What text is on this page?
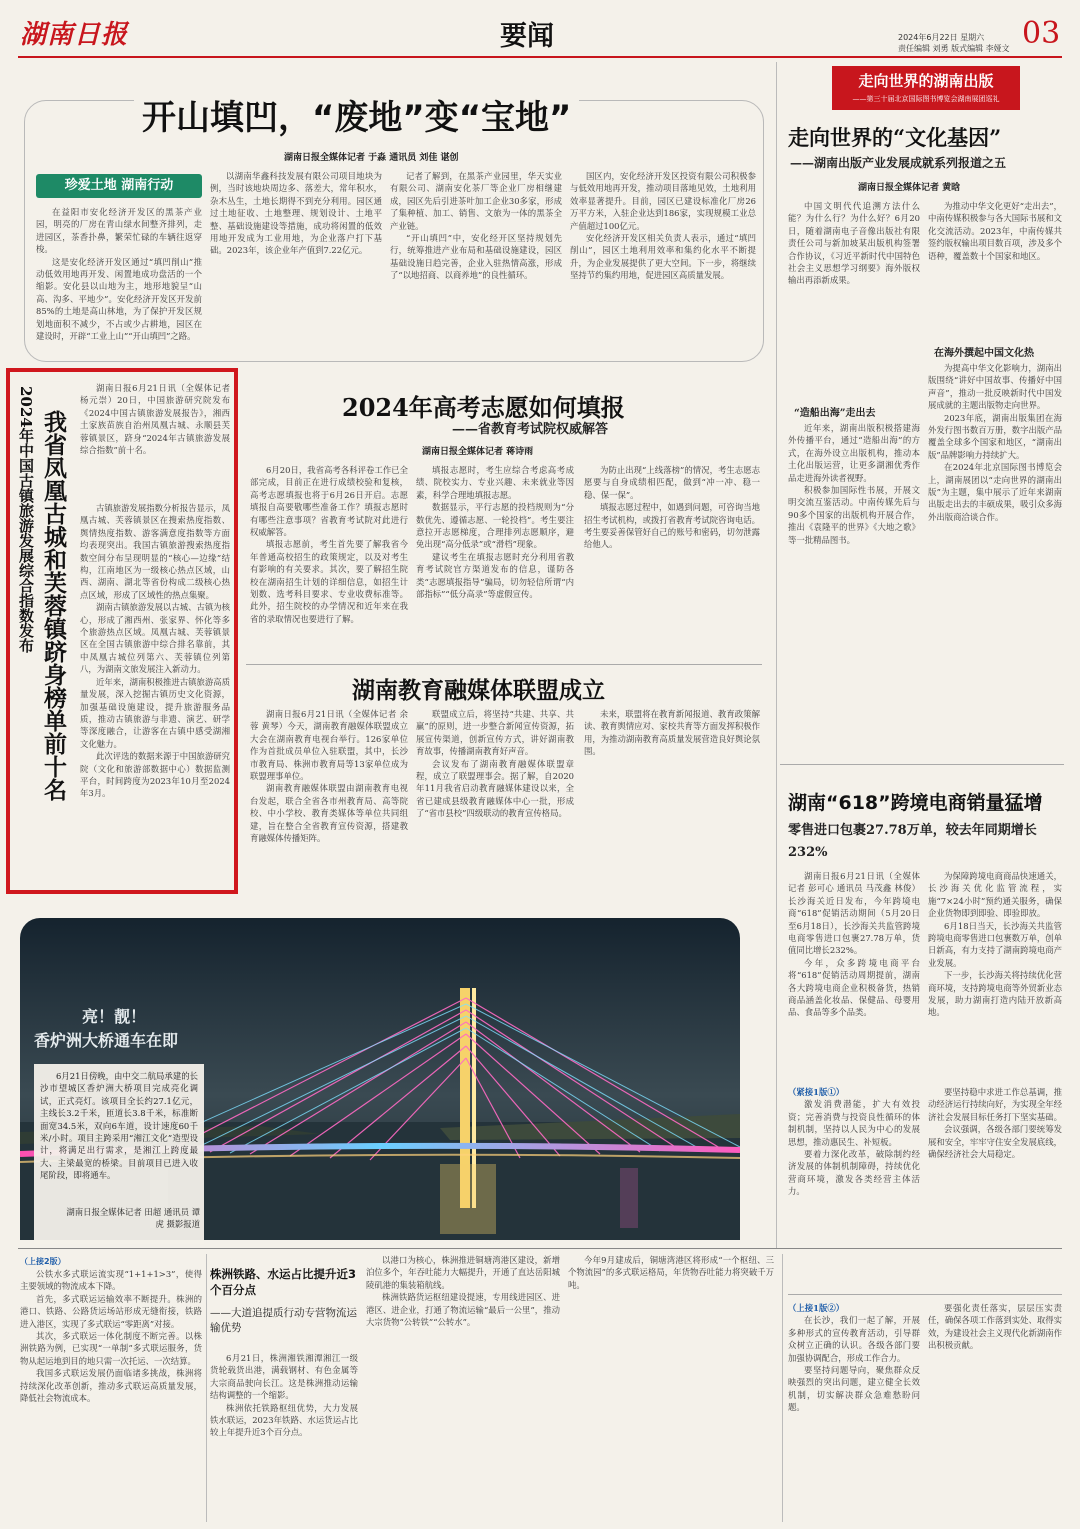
湖南日报	要闻	2024年6月22日 星期六
责任编辑 刘勇 版式编辑 李娅文 03
开山填凹，“废地”变“宝地”
湖南日报全媒体记者 于淼 通讯员 刘佳 谌创
珍爱土地 湖南行动
在益阳市安化经济开发区的黑茶产业园，明亮的厂房在青山绿水间整齐排列，走进园区，茶香扑鼻，繁荣忙碌的车辆往返穿梭。
这是安化经济开发区通过“填凹削山”推动低效用地再开发、闲置地成功盘活的一个缩影。安化县以山地为主，地形地貌呈“山高、沟多、平地少”。安化经济开发区开发前85%的土地是高山林地，为了保护开发区规划地面积不减少，不占或少占耕地，园区在建设时，开辟“工业上山”“开山填凹”之路。
以湖南华鑫科技发展有限公司项目地块为例，当时该地块周边多、落差大，常年积水，杂木丛生，土地长期得不到充分利用。园区通过土地征收、土地整理、规划设计、土地平整、基础设施建设等措施，成功将闲置的低效用地开发成为工业用地，为企业落户打下基础。2023年，该企业年产值到7.22亿元。
记者了解到，在黑茶产业园里，华天实业有限公司、湖南安化茶厂等企业厂房相继建成，园区先后引进茶叶加工企业30多家，形成了集种植、加工、销售、文旅为一体的黑茶全产业链。
“开山填凹”中，安化经开区坚持规划先行，统筹推进产业布局和基础设施建设，园区基础设施日趋完善，企业入驻热情高涨，形成了“以地招商、以商养地”的良性循环。
国区内，安化经济开发区投资有限公司积极参与低效用地再开发，推动项目落地见效，土地利用效率显著提升。目前，园区已建设标准化厂房26万平方米，入驻企业达到186家，实现规模工业总产值超过100亿元。
安化经济开发区相关负责人表示，通过“填凹削山”，园区土地利用效率和集约化水平不断提升，为企业发展提供了更大空间。下一步，将继续坚持节约集约用地，促进园区高质量发展。
我省凤凰古城和芙蓉镇跻身榜单前十名
2024年中国古镇旅游发展综合指数发布	湖南日报6月21日讯（全媒体记者 杨元崇）20日，中国旅游研究院发布《2024中国古镇旅游发展报告》，湘西土家族苗族自治州凤凰古城、永顺县芙蓉镇景区，跻身“2024年古镇旅游发展综合指数”前十名。
古镇旅游发展指数分析报告显示，凤凰古城、芙蓉镇景区在搜索热度指数、舆情热度指数、游客满意度指数等方面均表现突出。我国古镇旅游搜索热度指数空间分布呈现明显的“核心—边缘”结构，江南地区为一级核心热点区域，山西、湖南、湖北等省份构成二级核心热点区域，形成了区域性的热点集聚。
湖南古镇旅游发展以古城、古镇为核心，形成了湘西州、张家界、怀化等多个旅游热点区域。凤凰古城、芙蓉镇景区在全国古镇旅游中综合排名靠前，其中凤凰古城位列第六、芙蓉镇位列第八，为湖南文旅发展注入新动力。
近年来，湖南积极推进古镇旅游高质量发展，深入挖掘古镇历史文化资源，加强基础设施建设，提升旅游服务品质，推动古镇旅游与非遗、演艺、研学等深度融合，让游客在古镇中感受湖湘文化魅力。
此次评选的数据来源于中国旅游研究院（文化和旅游部数据中心）数据监测平台，时间跨度为2023年10月至2024年3月。
2024年高考志愿如何填报
——省教育考试院权威解答
湖南日报全媒体记者 蒋诗雨
6月20日，我省高考各科评卷工作已全部完成，目前正在进行成绩校验和复核，高考志愿填报也将于6月26日开启。志愿填报自高要敬哪些准备工作？填报志愿时有哪些注意事项？省教育考试院对此进行权威解答。
填报志愿前，考生首先要了解我省今年普通高校招生的政策规定，以及对考生有影响的有关要求。其次，要了解招生院校在湖南招生计划的详细信息，如招生计划数、选考科目要求、专业收费标准等。此外，招生院校的办学情况和近年来在我省的录取情况也要进行了解。
填报志愿时，考生应综合考虑高考成绩、院校实力、专业兴趣、未来就业等因素，科学合理地填报志愿。
数据显示，平行志愿的投档规则为“分数优先、遵循志愿、一轮投档”。考生要注意拉开志愿梯度，合理排列志愿顺序，避免出现“高分低录”或“滑档”现象。
建议考生在填报志愿时充分利用省教育考试院官方渠道发布的信息，谨防各类“志愿填报指导”骗局，切勿轻信所谓“内部指标”“低分高录”等虚假宣传。
为防止出现“上线落榜”的情况，考生志愿志愿要与自身成绩相匹配，做到“冲一冲、稳一稳、保一保”。
填报志愿过程中，如遇到问题，可咨询当地招生考试机构，或拨打省教育考试院咨询电话。考生要妥善保管好自己的账号和密码，切勿泄露给他人。
湖南教育融媒体联盟成立
湖南日报6月21日讯（全媒体记者 余蓉 黄琴）今天，湖南教育融媒体联盟成立大会在湖南教育电视台举行。126家单位作为首批成员单位入驻联盟，其中，长沙市教育局、株洲市教育局等13家单位成为联盟理事单位。
湖南教育融媒体联盟由湖南教育电视台发起，联合全省各市州教育局、高等院校、中小学校、教育类媒体等单位共同组建，旨在整合全省教育宣传资源，搭建教育融媒体传播矩阵。
联盟成立后，将坚持“共建、共享、共赢”的原则，进一步整合新闻宣传资源，拓展宣传渠道，创新宣传方式，讲好湖南教育故事，传播湖南教育好声音。
会议发布了湖南教育融媒体联盟章程，成立了联盟理事会。据了解，自2020年11月我省启动教育融媒体建设以来，全省已建成县级教育融媒体中心一批，形成了“省市县校”四级联动的教育宣传格局。
未来，联盟将在教育新闻报道、教育政策解读、教育舆情应对、家校共育等方面发挥积极作用，为推动湖南教育高质量发展营造良好舆论氛围。
走向世界的湖南出版
——第三十届北京国际图书博览会湖南展团巡礼
走向世界的“文化基因”
——湖南出版产业发展成就系列报道之五
湖南日报全媒体记者 黄晗
中国文明代代追溯方法什么能？为什么行？为什么好？6月20日，随着湖南电子音像出版社有限责任公司与新加坡某出版机构签署合作协议，《习近平新时代中国特色社会主义思想学习纲要》海外版权输出再添新成果。
“造船出海”走出去
近年来，湖南出版积极搭建海外传播平台，通过“造船出海”的方式，在海外设立出版机构，推动本土化出版运营，让更多湖湘优秀作品走进海外读者视野。
积极参加国际性书展，开展文明交流互鉴活动。中南传媒先后与90多个国家的出版机构开展合作，推出《袁隆平的世界》《大地之歌》等一批精品图书。
为推动中华文化更好“走出去”，中南传媒积极参与各大国际书展和文化交流活动。2023年，中南传媒共签约版权输出项目数百项，涉及多个语种，覆盖数十个国家和地区。
在海外撰起中国文化热
为提高中华文化影响力，湖南出版围绕“讲好中国故事、传播好中国声音”，推动一批反映新时代中国发展成就的主题出版物走向世界。
2023年底，湖南出版集团在海外发行图书数百万册，数字出版产品覆盖全球多个国家和地区，“湖南出版”品牌影响力持续扩大。
在2024年北京国际图书博览会上，湖南展团以“走向世界的湖南出版”为主题，集中展示了近年来湖南出版走出去的丰硕成果，吸引众多海外出版商洽谈合作。
湖南“618”跨境电商销量猛增
零售进口包裹27.78万单，较去年同期增长232%
湖南日报6月21日讯（全媒体记者 彭可心 通讯员 马茂鑫 林俊）长沙海关近日发布，今年跨境电商“618”促销活动期间（5月20日至6月18日），长沙海关共监管跨境电商零售进口包裹27.78万单，货值同比增长232%。
今年，众多跨境电商平台将“618”促销活动周期提前，湖南各大跨境电商企业积极备货，热销商品涵盖化妆品、保健品、母婴用品、食品等多个品类。
为保障跨境电商商品快速通关，长沙海关优化监管流程，实施“7×24小时”预约通关服务，确保企业货物即到即验、即验即放。
6月18日当天，长沙海关共监管跨境电商零售进口包裹数万单，创单日新高，有力支持了湖南跨境电商产业发展。
下一步，长沙海关将持续优化营商环境，支持跨境电商等外贸新业态发展，助力湖南打造内陆开放新高地。
亮！靓！
香炉洲大桥通车在即
6月21日傍晚，由中交二航局承建的长沙市望城区香炉洲大桥项目完成亮化调试，正式亮灯。该项目全长约27.1亿元，主线长3.2千米，匝道长3.8千米，标准断面宽34.5米，双向6车道，设计速度60千米/小时。项目主跨采用“湘江文化”造型设计，将满足出行需求，是湘江上跨度最大、主梁最宽的桥梁。目前项目已进入收尾阶段，即将通车。
湖南日报全媒体记者 田超 通讯员 谭虎 摄影报道
（上接2版）
公铁水多式联运流实现“1+1+1>3”，使得主要领域的物流成本下降。
首先，多式联运运输效率不断提升。株洲的港口、铁路、公路货运场站形成无缝衔接，铁路进入港区，实现了多式联运“零距离”对接。
其次，多式联运一体化制度不断完善。以株洲铁路为例，已实现“一单制”多式联运服务，货物从起运地到目的地只需一次托运、一次结算。
我国多式联运发展仍面临诸多挑战，株洲将持续深化改革创新，推动多式联运高质量发展，降低社会物流成本。
株洲铁路、水运占比提升近3个百分点
——大道追提质行动专营物流运输优势
6月21日，株洲湘铁湘潭湘江一级货轮载货出港，满载钢材、有色金属等大宗商品驶向长江。这是株洲推动运输结构调整的一个缩影。
株洲依托铁路枢纽优势，大力发展铁水联运，2023年铁路、水运货运占比较上年提升近3个百分点。
以港口为核心，株洲推进铜塘湾港区建设，新增泊位多个，年吞吐能力大幅提升，开通了直达岳阳城陵矶港的集装箱航线。
株洲铁路货运枢纽建设提速，专用线进园区、进港区、进企业，打通了物流运输“最后一公里”，推动大宗货物“公转铁”“公转水”。
今年9月建成后，铜塘湾港区将形成“一个枢纽、三个物流园”的多式联运格局，年货物吞吐能力将突破千万吨。
（紧接1版①）
激发消费潜能，扩大有效投资；完善消费与投资良性循环的体制机制，坚持以人民为中心的发展思想，推动惠民生、补短板。
要着力深化改革，破除制约经济发展的体制机制障碍，持续优化营商环境，激发各类经营主体活力。
要坚持稳中求进工作总基调，推动经济运行持续向好，为实现全年经济社会发展目标任务打下坚实基础。
会议强调，各级各部门要统筹发展和安全，牢牢守住安全发展底线，确保经济社会大局稳定。
（上接1版②）
在长沙，我们一起了解，开展多种形式的宣传教育活动，引导群众树立正确的认识。各级各部门要加强协调配合，形成工作合力。
要坚持问题导向，聚焦群众反映强烈的突出问题，建立健全长效机制，切实解决群众急难愁盼问题。
要强化责任落实，层层压实责任，确保各项工作落到实处、取得实效，为建设社会主义现代化新湖南作出积极贡献。
